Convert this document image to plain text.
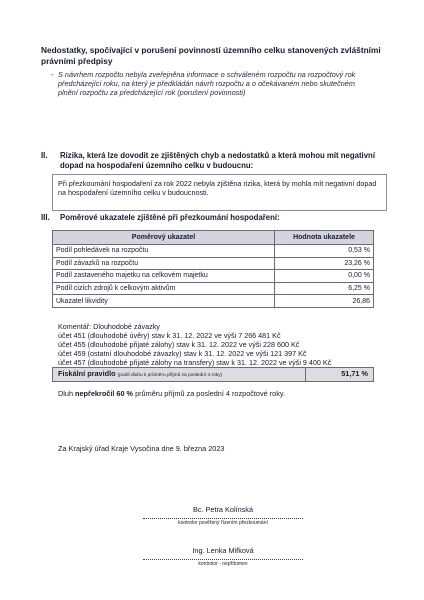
Nedostatky, spočívající v porušení povinností územního celku stanovených zvláštními právními předpisy
- S návrhem rozpočtu nebyla zveřejněna informace o schváleném rozpočtu na rozpočtový rok předcházející roku, na který je předkládán návrh rozpočtu a o očekávaném nebo skutečném plnění rozpočtu za předcházející rok (porušení povinnosti)
II. Rizika, která lze dovodit ze zjištěných chyb a nedostatků a která mohou mít negativní dopad na hospodaření územního celku v budoucnu:
Při přezkoumání hospodaření za rok 2022 nebyla zjištěna rizika, která by mohla mít negativní dopad na hospodaření územního celku v budoucnosti.
III. Poměrové ukazatele zjištěné při přezkoumání hospodaření:
Poměrový ukazatel	Hodnota ukazatele
Podíl pohledávek na rozpočtu	0,53 %
Podíl závazků na rozpočtu	23,26 %
Podíl zastaveného majetku na celkovém majetku	0,00 %
Podíl cizích zdrojů k celkovým aktivům	6,25 %
Ukazatel likvidity	26,86
Komentář: Dlouhodobé závazky
účet 451 (dlouhodobé úvěry) stav k 31. 12. 2022 ve výši 7 266 481 Kč
účet 455 (dlouhodobé přijaté zálohy) stav k 31. 12. 2022 ve výši 228 600 Kč
účet 459 (ostatní dlouhodobé závazky) stav k 31. 12. 2022 ve výši 121 397 Kč
účet 457 (dlouhodobé přijaté zálohy na transfery) stav k 31. 12. 2022 ve výši 9 400 Kč
Fiskální pravidlo (podíl dluhu k průměru příjmů za poslední 4 roky)	51,71 %
Dluh nepřekročil 60 % průměru příjmů za poslední 4 rozpočtové roky.
Za Krajský úřad Kraje Vysočina dne 9. března 2023
Bc. Petra Kolínská
kontrolor pověřený řízením přezkoumání
Ing. Lenka Mifková
kontrolor - nepřítomen
